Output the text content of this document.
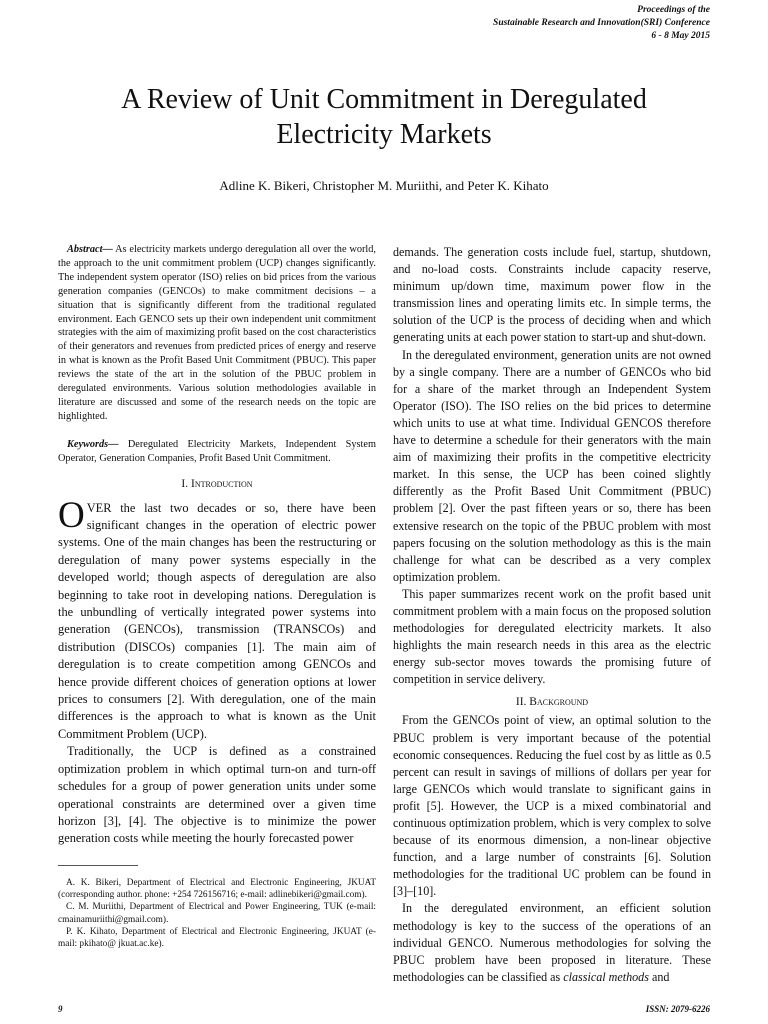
Proceedings of the
Sustainable Research and Innovation(SRI) Conference
6 - 8 May 2015
A Review of Unit Commitment in Deregulated
Electricity Markets
Adline K. Bikeri, Christopher M. Muriithi, and Peter K. Kihato

Abstract— As electricity markets undergo deregulation all over the world, the approach to the unit commitment problem (UCP) changes significantly. The independent system operator (ISO) relies on bid prices from the various generation companies (GENCOs) to make commitment decisions – a situation that is significantly different from the traditional regulated environment. Each GENCO sets up their own independent unit commitment strategies with the aim of maximizing profit based on the cost characteristics of their generators and revenues from predicted prices of energy and reserve in what is known as the Profit Based Unit Commitment (PBUC). This paper reviews the state of the art in the solution of the PBUC problem in deregulated environments. Various solution methodologies available in literature are discussed and some of the research needs on the topic are highlighted.

Keywords— Deregulated Electricity Markets, Independent System Operator, Generation Companies, Profit Based Unit Commitment.

I. Introduction

OVER the last two decades or so, there have been significant changes in the operation of electric power systems. One of the main changes has been the restructuring or deregulation of many power systems especially in the developed world; though aspects of deregulation are also beginning to take root in developing nations. Deregulation is the unbundling of vertically integrated power systems into generation (GENCOs), transmission (TRANSCOs) and distribution (DISCOs) companies [1]. The main aim of deregulation is to create competition among GENCOs and hence provide different choices of generation options at lower prices to consumers [2]. With deregulation, one of the main differences is the approach to what is known as the Unit Commitment Problem (UCP).

Traditionally, the UCP is defined as a constrained optimization problem in which optimal turn-on and turn-off schedules for a group of power generation units under some operational constraints are determined over a given time horizon [3], [4]. The objective is to minimize the power generation costs while meeting the hourly forecasted power

A. K. Bikeri, Department of Electrical and Electronic Engineering, JKUAT (corresponding author. phone: +254 726156716; e-mail: adlinebikeri@gmail.com).

C. M. Muriithi, Department of Electrical and Power Engineering, TUK (e-mail: cmainamuriithi@gmail.com).

P. K. Kihato, Department of Electrical and Electronic Engineering, JKUAT (e-mail: pkihato@ jkuat.ac.ke).

demands. The generation costs include fuel, startup, shutdown, and no-load costs. Constraints include capacity reserve, minimum up/down time, maximum power flow in the transmission lines and operating limits etc. In simple terms, the solution of the UCP is the process of deciding when and which generating units at each power station to start-up and shut-down.

In the deregulated environment, generation units are not owned by a single company. There are a number of GENCOs who bid for a share of the market through an Independent System Operator (ISO). The ISO relies on the bid prices to determine which units to use at what time. Individual GENCOS therefore have to determine a schedule for their generators with the main aim of maximizing their profits in the competitive electricity market. In this sense, the UCP has been coined slightly differently as the Profit Based Unit Commitment (PBUC) problem [2]. Over the past fifteen years or so, there has been extensive research on the topic of the PBUC problem with most papers focusing on the solution methodology as this is the main challenge for what can be described as a very complex optimization problem.

This paper summarizes recent work on the profit based unit commitment problem with a main focus on the proposed solution methodologies for deregulated electricity markets. It also highlights the main research needs in this area as the electric energy sub-sector moves towards the promising future of competition in service delivery.

II. Background

From the GENCOs point of view, an optimal solution to the PBUC problem is very important because of the potential economic consequences. Reducing the fuel cost by as little as 0.5 percent can result in savings of millions of dollars per year for large GENCOs which would translate to significant gains in profit [5]. However, the UCP is a mixed combinatorial and continuous optimization problem, which is very complex to solve because of its enormous dimension, a non-linear objective function, and a large number of constraints [6]. Solution methodologies for the traditional UC problem can be found in [3]–[10].

In the deregulated environment, an efficient solution methodology is key to the success of the operations of an individual GENCO. Numerous methodologies for solving the PBUC problem have been proposed in literature. These methodologies can be classified as classical methods and

9	ISSN: 2079-6226
